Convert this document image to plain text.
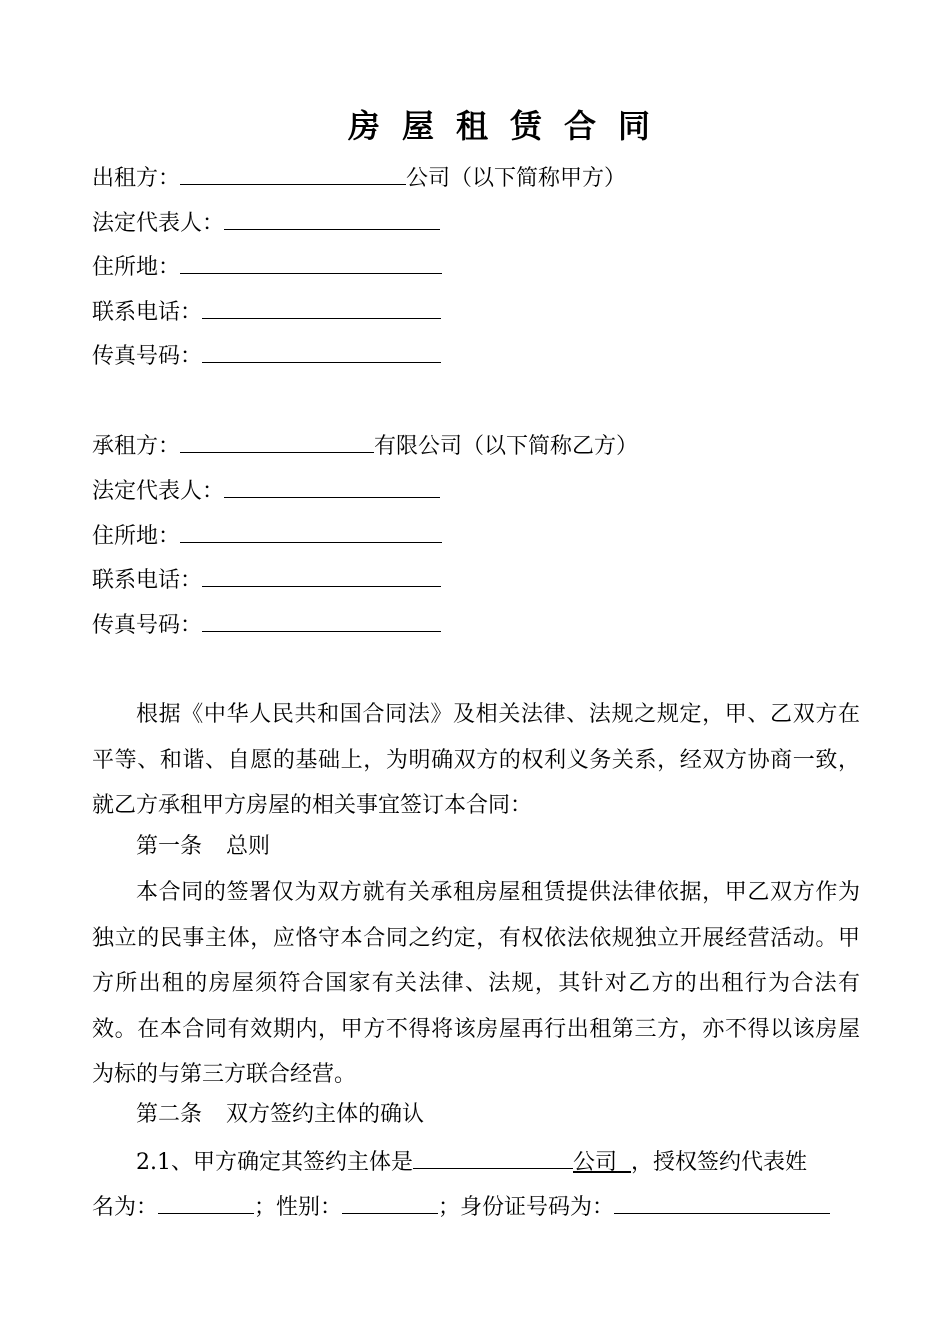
房屋租赁合同
出租方：	公司（以下简称甲方）
法定代表人：
住所地：
联系电话：
传真号码：
承租方：	有限公司（以下简称乙方）
法定代表人：
住所地：
联系电话：
传真号码：
根据《中华人民共和国合同法》及相关法律、法规之规定，甲、乙双方在平等、和谐、自愿的基础上，为明确双方的权利义务关系，经双方协商一致，就乙方承租甲方房屋的相关事宜签订本合同：
第一条 总则
本合同的签署仅为双方就有关承租房屋租赁提供法律依据，甲乙双方作为独立的民事主体，应恪守本合同之约定，有权依法依规独立开展经营活动。甲方所出租的房屋须符合国家有关法律、法规，其针对乙方的出租行为合法有效。在本合同有效期内，甲方不得将该房屋再行出租第三方，亦不得以该房屋为标的与第三方联合经营。
第二条 双方签约主体的确认
2.1、甲方确定其签约主体是	公司 ，授权签约代表姓
名为：	；性别：	；身份证号码为：
